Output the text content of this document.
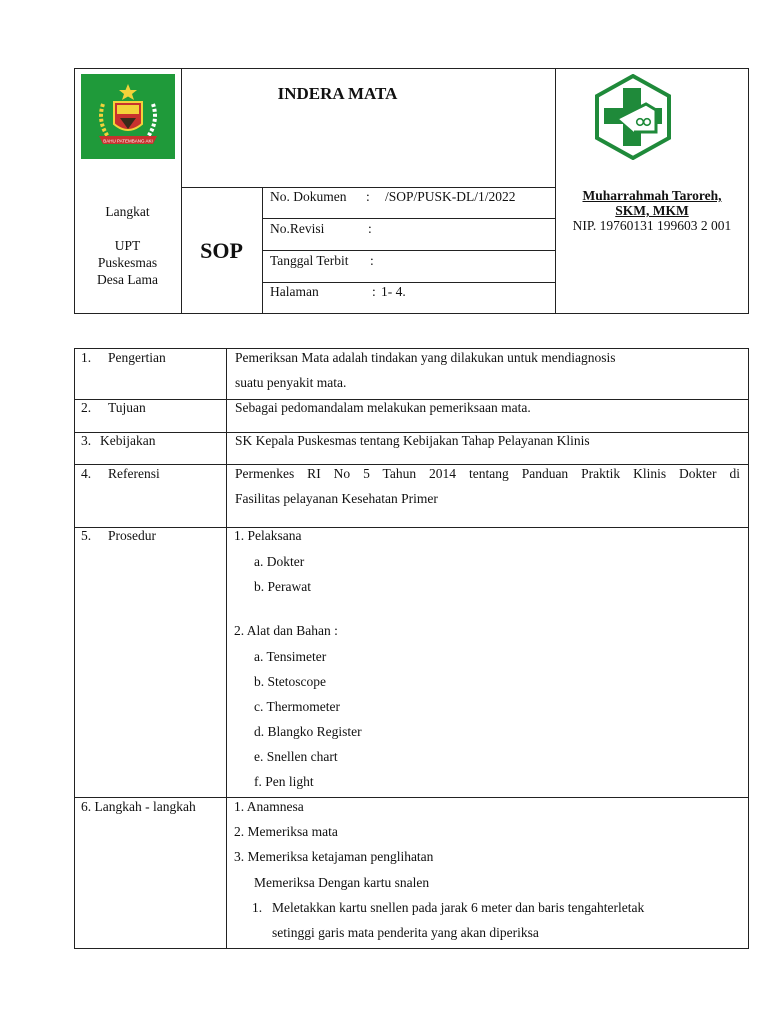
BAHU PATEMBANG AKI
Langkat
UPT
Puskesmas
Desa Lama
INDERA MATA
SOP
No. Dokumen : /SOP/PUSK-DL/1/2022
No.Revisi	:
Tanggal Terbit :
Halaman	: 1- 4.
Muharrahmah Taroreh,
SKM, MKM
NIP. 19760131 199603 2 001
1. Pengertian	Pemeriksan Mata adalah tindakan yang dilakukan untuk mendiagnosis
suatu penyakit mata.
2. Tujuan	Sebagai pedomandalam melakukan pemeriksaan mata.
3. Kebijakan	SK Kepala Puskesmas tentang Kebijakan Tahap Pelayanan Klinis
4. Referensi	Permenkes RI No 5 Tahun 2014 tentang Panduan Praktik Klinis Dokter di
Fasilitas pelayanan Kesehatan Primer
5. Prosedur	1. Pelaksana
a. Dokter
b. Perawat
2. Alat dan Bahan :
a. Tensimeter
b. Stetoscope
c. Thermometer
d. Blangko Register
e. Snellen chart
f. Pen light
6. Langkah - langkah	1. Anamnesa
2. Memeriksa mata
3. Memeriksa ketajaman penglihatan
Memeriksa Dengan kartu snalen
1. Meletakkan kartu snellen pada jarak 6 meter dan baris tengahterletak
setinggi garis mata penderita yang akan diperiksa
